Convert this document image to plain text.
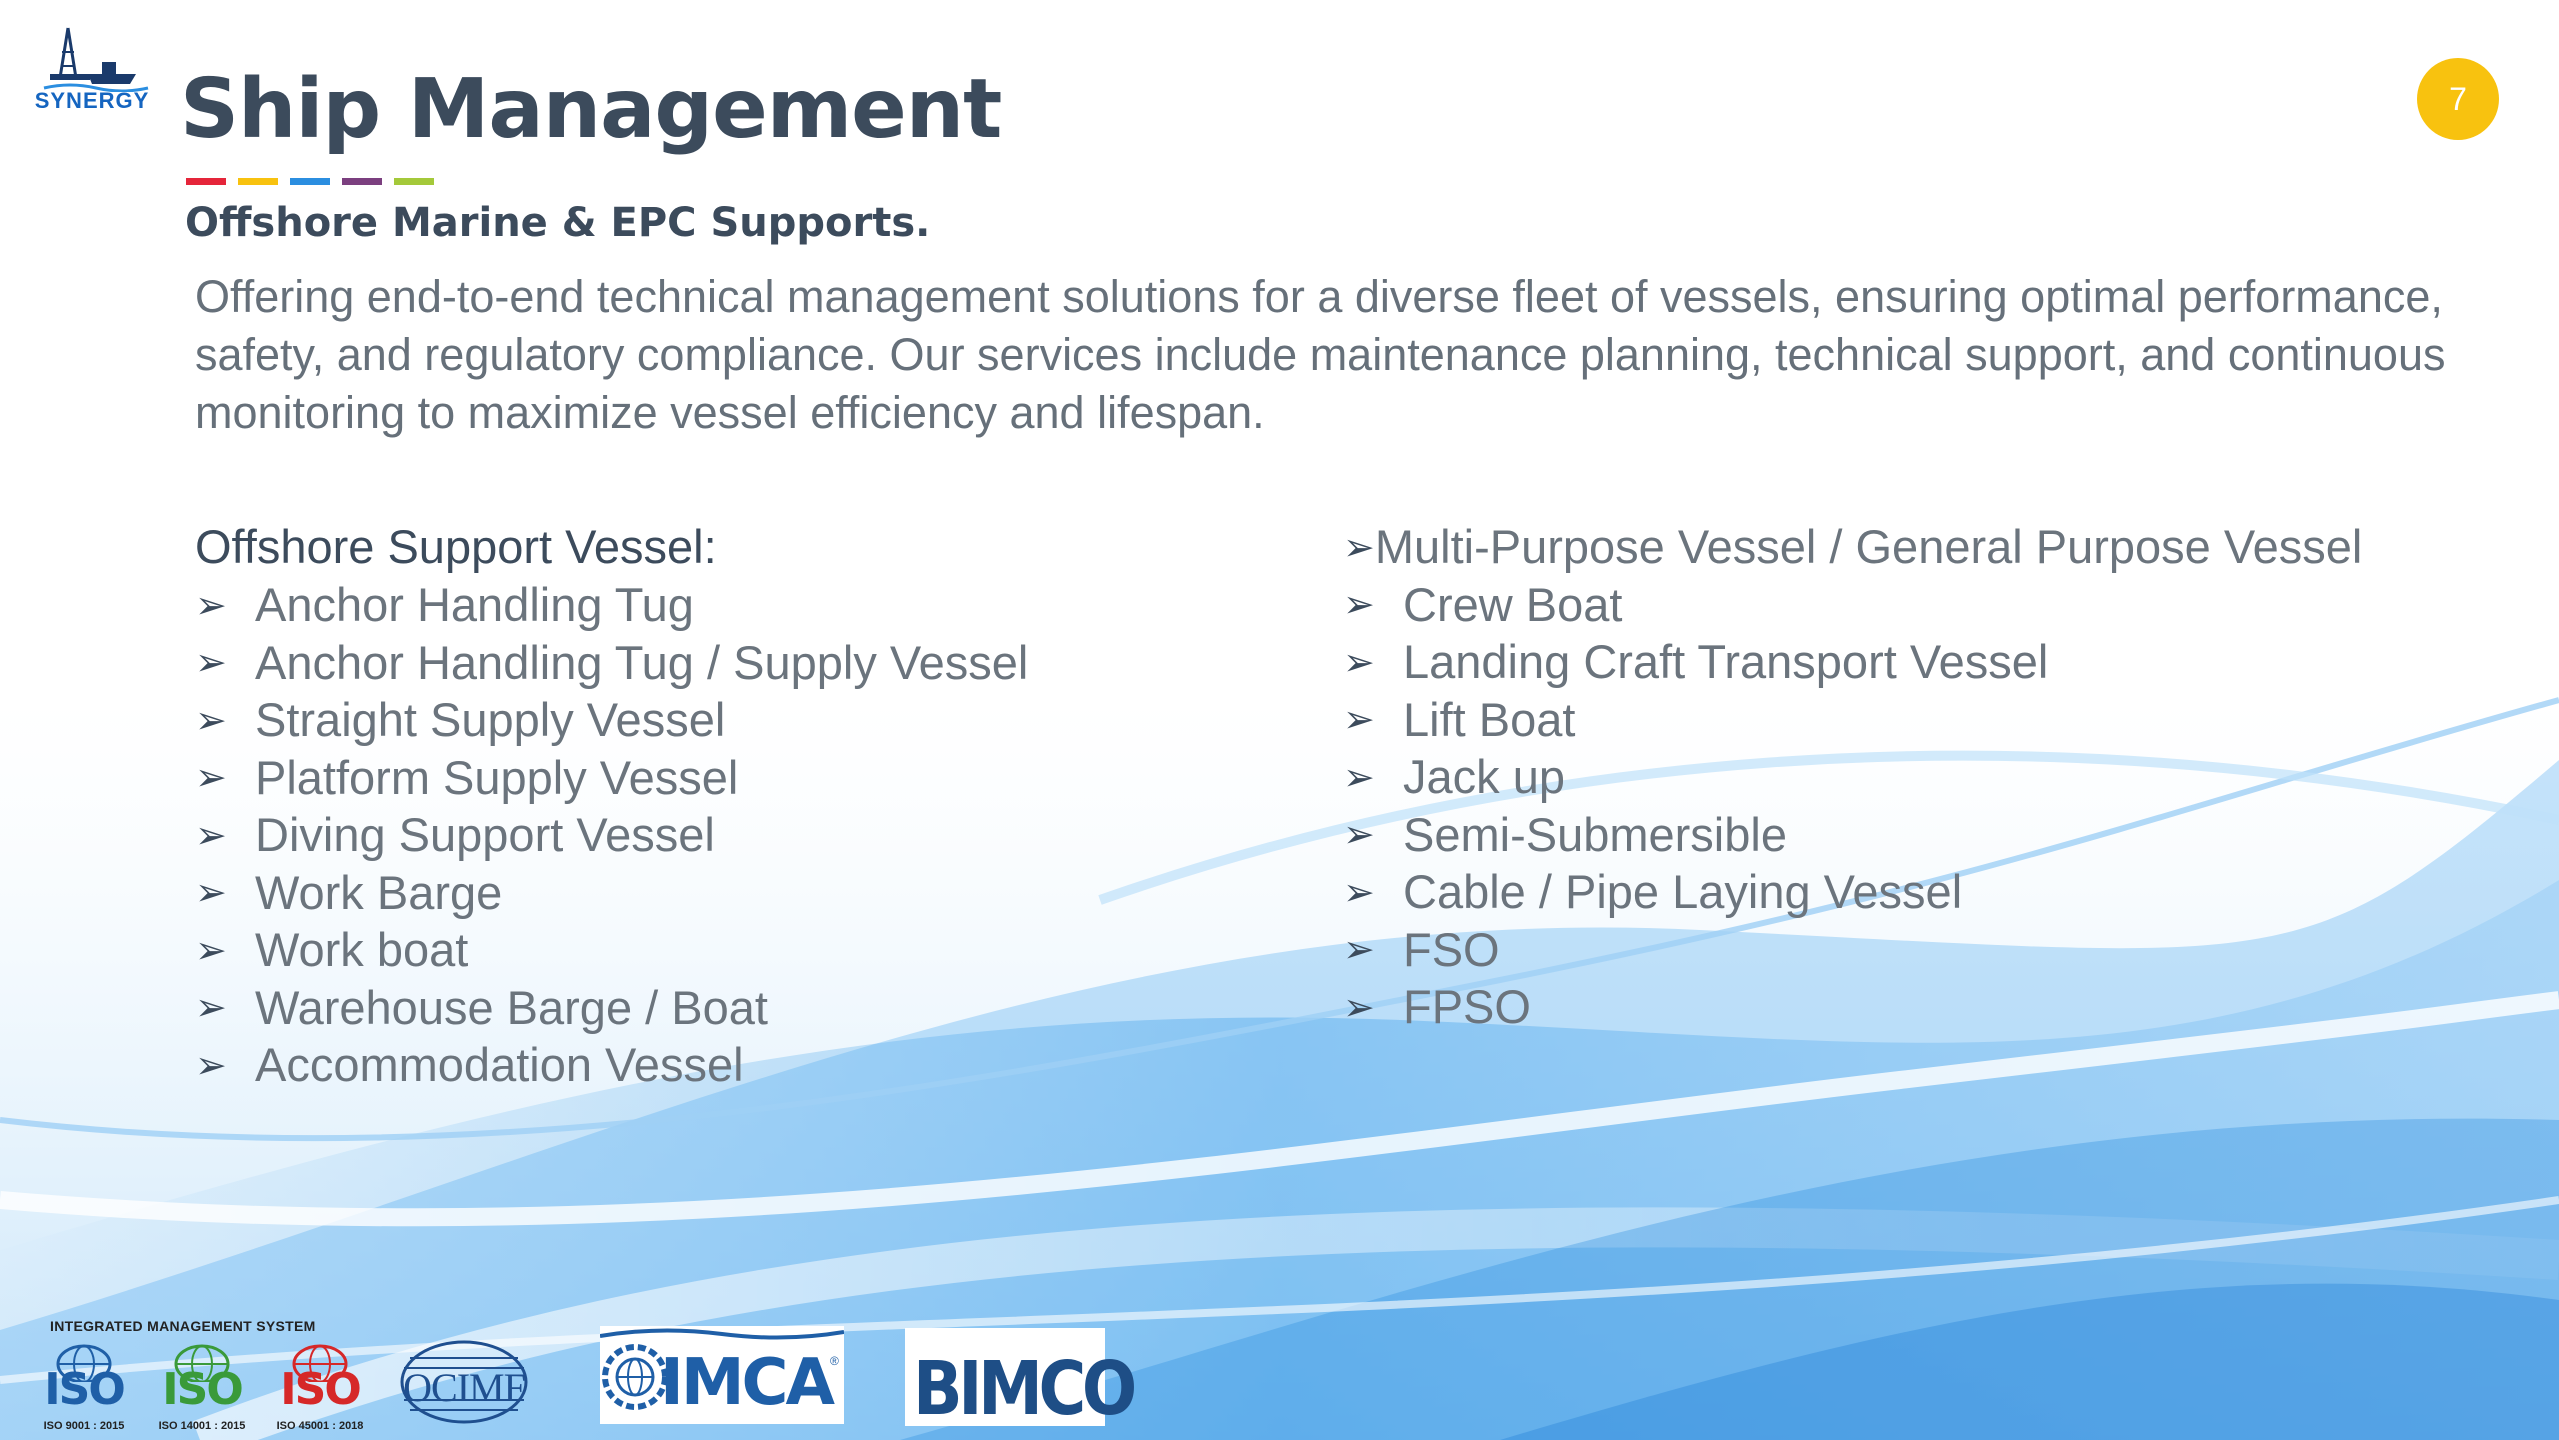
SYNERGY Ship Management
Offshore Marine & EPC Supports.
Offering end-to-end technical management solutions for a diverse fleet of vessels, ensuring optimal performance, safety, and regulatory compliance. Our services include maintenance planning, technical support, and continuous monitoring to maximize vessel efficiency and lifespan.
7
Offshore Support Vessel:
➢ Anchor Handling Tug
➢ Anchor Handling Tug / Supply Vessel
➢ Straight Supply Vessel
➢ Platform Supply Vessel
➢ Diving Support Vessel
➢ Work Barge
➢ Work boat
➢ Warehouse Barge / Boat
➢ Accommodation Vessel
➢ Multi-Purpose Vessel / General Purpose Vessel
➢ Crew Boat
➢ Landing Craft Transport Vessel
➢ Lift Boat
➢ Jack up
➢ Semi-Submersible
➢ Cable / Pipe Laying Vessel
➢ FSO
➢ FPSO
INTEGRATED MANAGEMENT SYSTEM
ISO
ISO 9001 : 2015
ISO
ISO 14001 : 2015
ISO
ISO 45001 : 2018
OCIMF IMCA
® BIMCO
